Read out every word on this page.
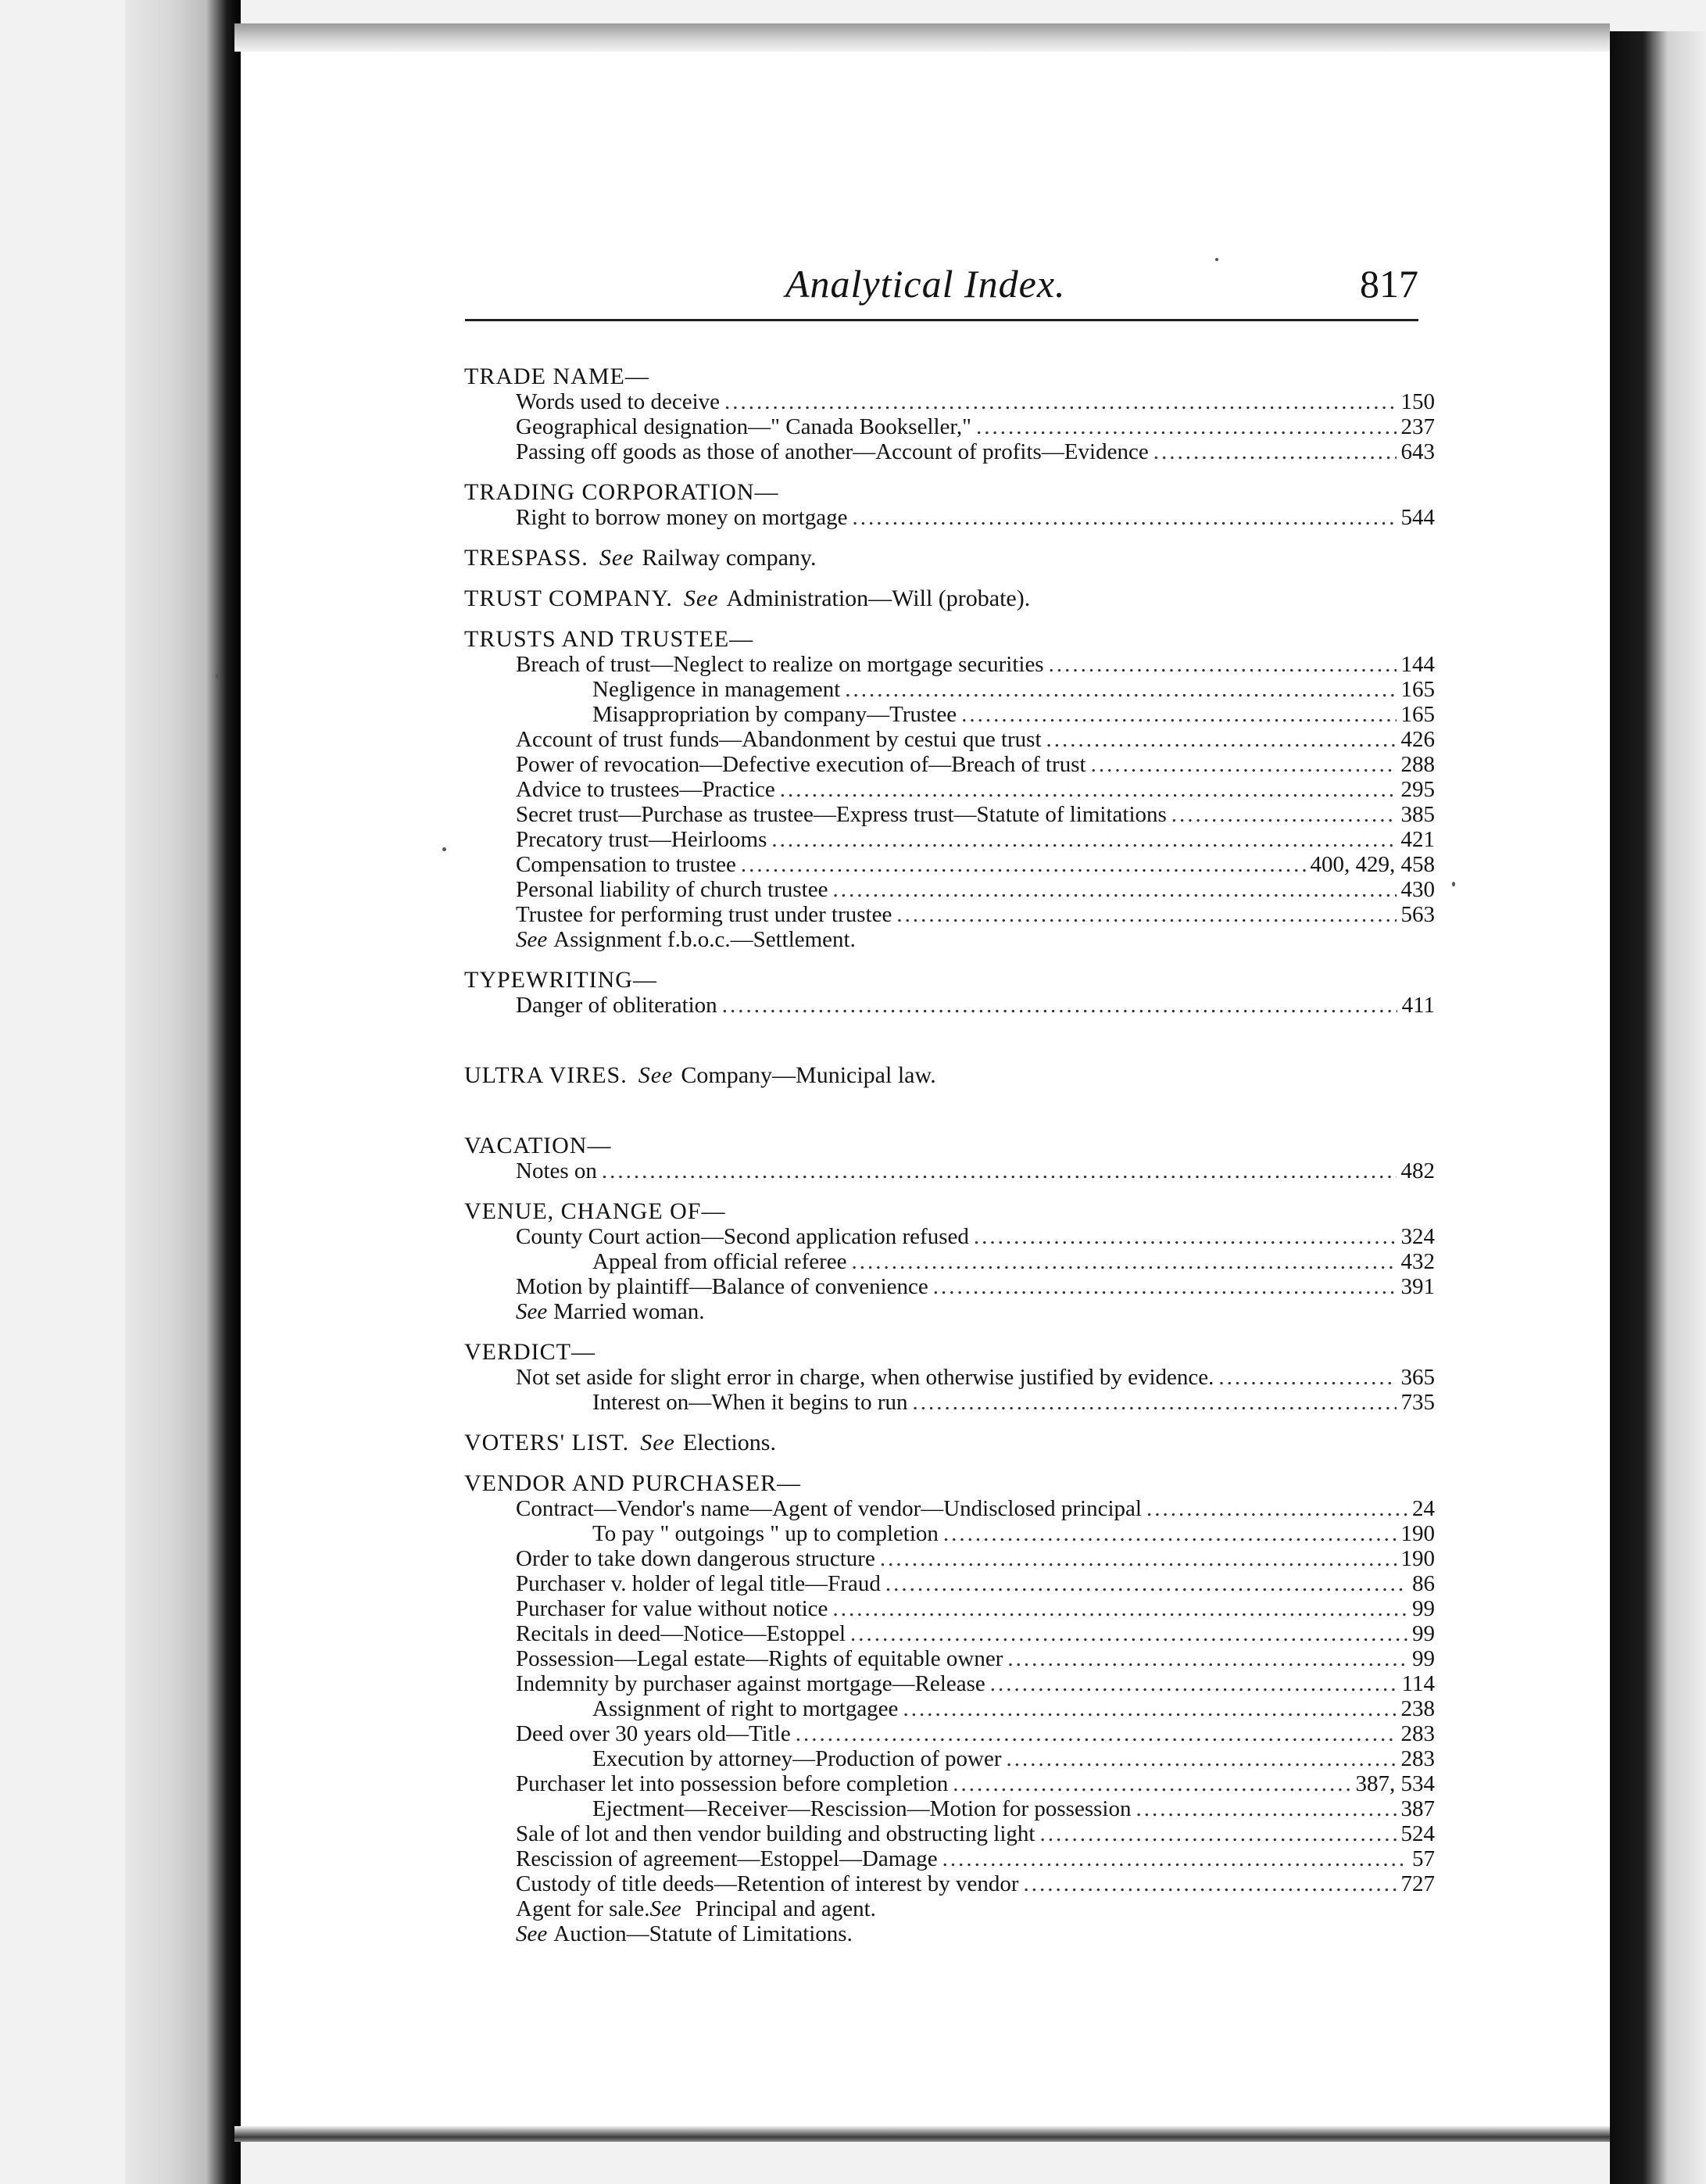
Analytical Index.	817
TRADE NAME—
Words used to deceive .....	150
Geographical designation—" Canada Bookseller," .....	237
Passing off goods as those of another—Account of profits—Evidence .....	643
TRADING CORPORATION—
Right to borrow money on mortgage .....	544
TRESPASS. See Railway company.
TRUST COMPANY. See Administration—Will (probate).
TRUSTS AND TRUSTEE—
Breach of trust—Neglect to realize on mortgage securities .....	144
Negligence in management .....	165
Misappropriation by company—Trustee .....	165
Account of trust funds—Abandonment by cestui que trust .....	426
Power of revocation—Defective execution of—Breach of trust .....	288
Advice to trustees—Practice .....	295
Secret trust—Purchase as trustee—Express trust—Statute of limitations .....	385
Precatory trust—Heirlooms .....	421
Compensation to trustee .....	400, 429, 458
Personal liability of church trustee .....	430
Trustee for performing trust under trustee .....	563
See Assignment f.b.o.c.—Settlement.
TYPEWRITING—
Danger of obliteration .....	411
ULTRA VIRES. See Company—Municipal law.
VACATION—
Notes on .....	482
VENUE, CHANGE OF—
County Court action—Second application refused .....	324
Appeal from official referee .....	432
Motion by plaintiff—Balance of convenience .....	391
See Married woman.
VERDICT—
Not set aside for slight error in charge, when otherwise justified by evidence. .....	365
Interest on—When it begins to run .....	735
VOTERS' LIST. See Elections.
VENDOR AND PURCHASER—
Contract—Vendor's name—Agent of vendor—Undisclosed principal .....	24
To pay " outgoings " up to completion .....	190
Order to take down dangerous structure .....	190
Purchaser v. holder of legal title—Fraud .....	86
Purchaser for value without notice .....	99
Recitals in deed—Notice—Estoppel .....	99
Possession—Legal estate—Rights of equitable owner .....	99
Indemnity by purchaser against mortgage—Release .....	114
Assignment of right to mortgagee .....	238
Deed over 30 years old—Title .....	283
Execution by attorney—Production of power .....	283
Purchaser let into possession before completion .....	387, 534
Ejectment—Receiver—Rescission—Motion for possession .....	387
Sale of lot and then vendor building and obstructing light .....	524
Rescission of agreement—Estoppel—Damage .....	57
Custody of title deeds—Retention of interest by vendor .....	727
Agent for sale. See Principal and agent.
See Auction—Statute of Limitations.
